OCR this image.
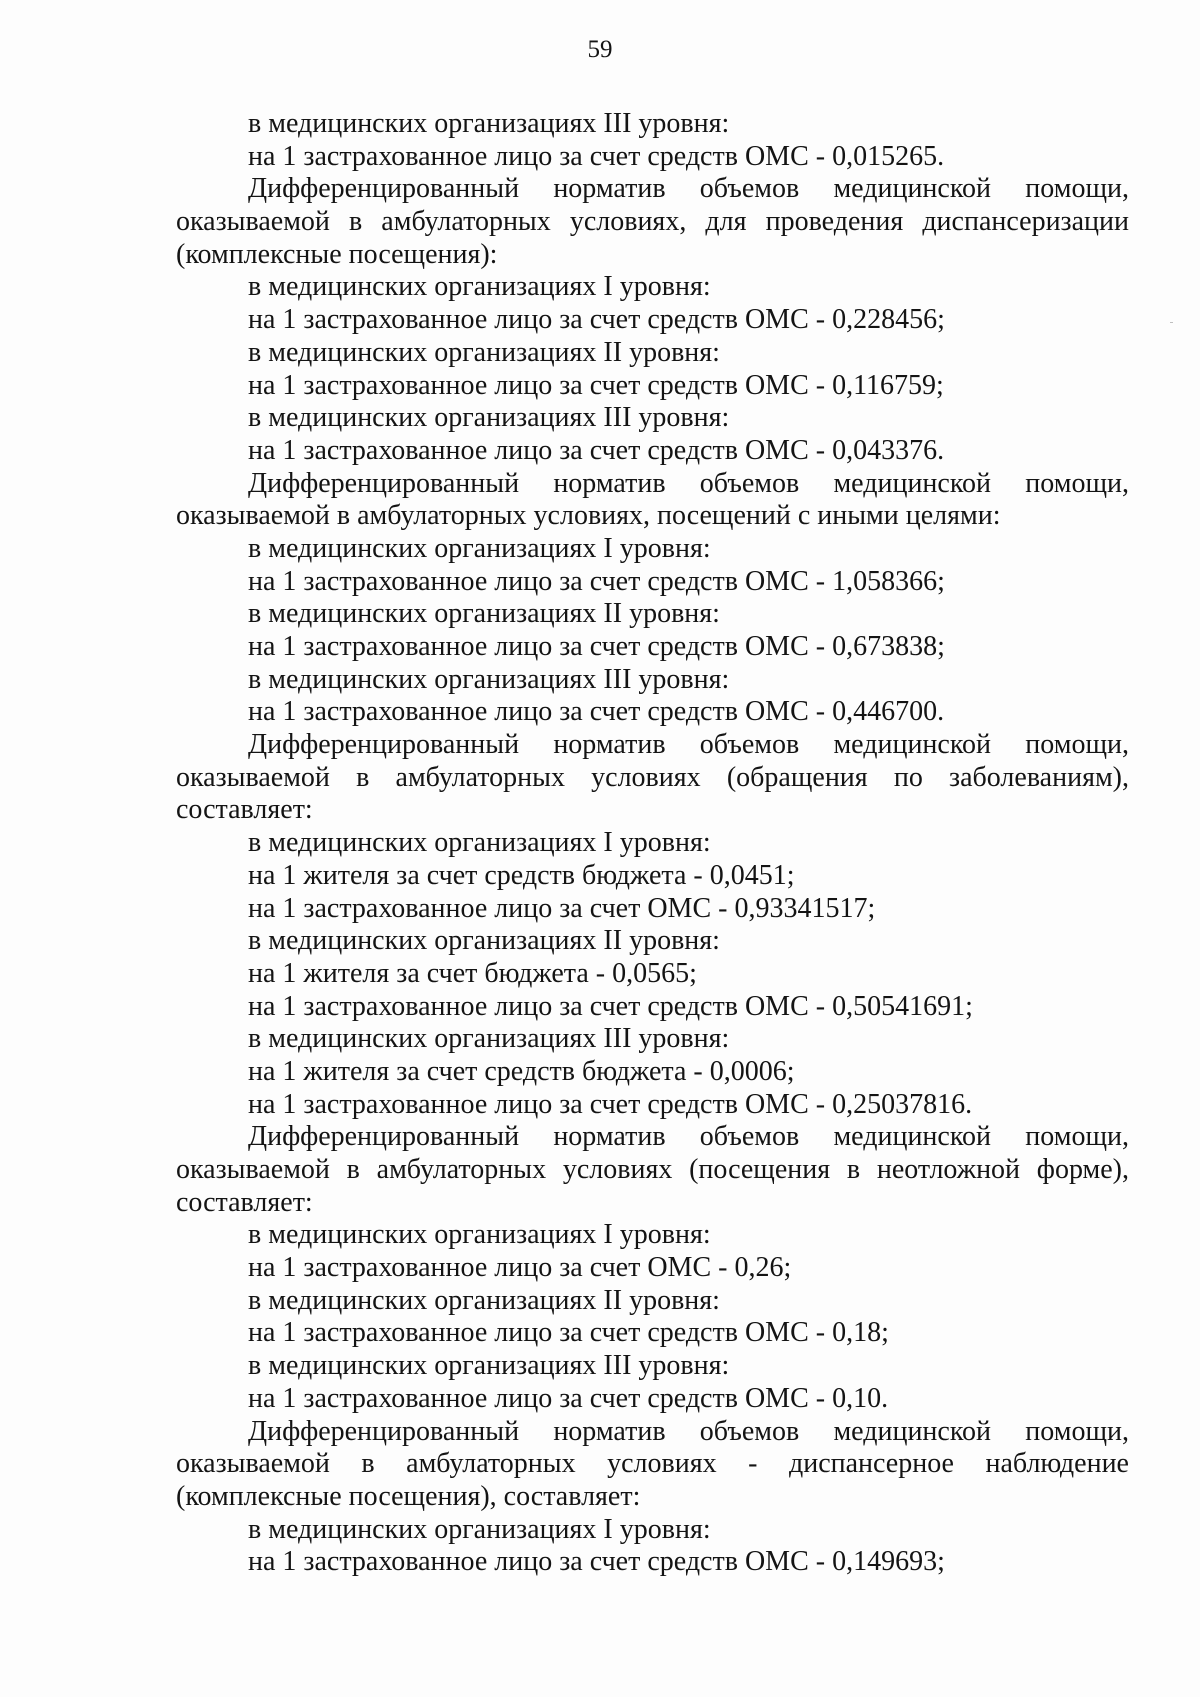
59
в медицинских организациях III уровня:
на 1 застрахованное лицо за счет средств ОМС - 0,015265.
Дифференцированный норматив объемов медицинской помощи,
оказываемой в амбулаторных условиях, для проведения диспансеризации
(комплексные посещения):
в медицинских организациях I уровня:
на 1 застрахованное лицо за счет средств ОМС - 0,228456;
в медицинских организациях II уровня:
на 1 застрахованное лицо за счет средств ОМС - 0,116759;
в медицинских организациях III уровня:
на 1 застрахованное лицо за счет средств ОМС - 0,043376.
Дифференцированный норматив объемов медицинской помощи,
оказываемой в амбулаторных условиях, посещений с иными целями:
в медицинских организациях I уровня:
на 1 застрахованное лицо за счет средств ОМС - 1,058366;
в медицинских организациях II уровня:
на 1 застрахованное лицо за счет средств ОМС - 0,673838;
в медицинских организациях III уровня:
на 1 застрахованное лицо за счет средств ОМС - 0,446700.
Дифференцированный норматив объемов медицинской помощи,
оказываемой в амбулаторных условиях (обращения по заболеваниям),
составляет:
в медицинских организациях I уровня:
на 1 жителя за счет средств бюджета - 0,0451;
на 1 застрахованное лицо за счет ОМС - 0,93341517;
в медицинских организациях II уровня:
на 1 жителя за счет бюджета - 0,0565;
на 1 застрахованное лицо за счет средств ОМС - 0,50541691;
в медицинских организациях III уровня:
на 1 жителя за счет средств бюджета - 0,0006;
на 1 застрахованное лицо за счет средств ОМС - 0,25037816.
Дифференцированный норматив объемов медицинской помощи,
оказываемой в амбулаторных условиях (посещения в неотложной форме),
составляет:
в медицинских организациях I уровня:
на 1 застрахованное лицо за счет ОМС - 0,26;
в медицинских организациях II уровня:
на 1 застрахованное лицо за счет средств ОМС - 0,18;
в медицинских организациях III уровня:
на 1 застрахованное лицо за счет средств ОМС - 0,10.
Дифференцированный норматив объемов медицинской помощи,
оказываемой в амбулаторных условиях - диспансерное наблюдение
(комплексные посещения), составляет:
в медицинских организациях I уровня:
на 1 застрахованное лицо за счет средств ОМС - 0,149693;
